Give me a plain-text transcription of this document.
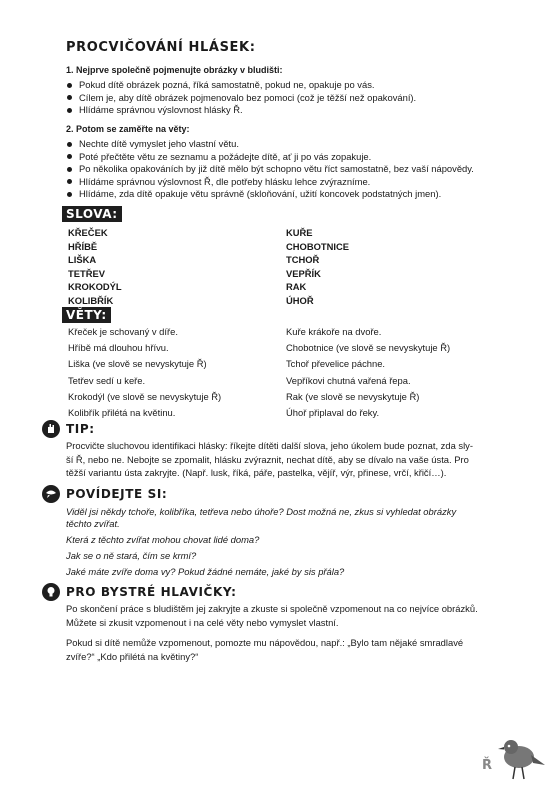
PROCVIČOVÁNÍ HLÁSEK:
1. Nejprve společně pojmenujte obrázky v bludišti:
Pokud dítě obrázek pozná, říká samostatně, pokud ne, opakuje po vás.
Cílem je, aby dítě obrázek pojmenovalo bez pomoci (což je těžší než opakování).
Hlídáme správnou výslovnost hlásky Ř.
2. Potom se zaměřte na věty:
Nechte dítě vymyslet jeho vlastní větu.
Poté přečtěte větu ze seznamu a požádejte dítě, ať ji po vás zopakuje.
Po několika opakováních by již dítě mělo být schopno větu říct samostatně, bez vaší nápovědy.
Hlídáme správnou výslovnost Ř, dle potřeby hlásku lehce zvýrazníme.
Hlídáme, zda dítě opakuje větu správně (skloňování, užití koncovek podstatných jmen).
SLOVA:
KŘEČEK
HŘÍBĚ
LIŠKA
TETŘEV
KROKODÝL
KOLIBŘÍK
KUŘE
CHOBOTNICE
TCHOŘ
VEPŘÍK
RAK
ÚHOŘ
VĚTY:
Křeček je schovaný v díře.
Hříbě má dlouhou hřívu.
Liška (ve slově se nevyskytuje Ř)
Tetřev sedí u keře.
Krokodýl (ve slově se nevyskytuje Ř)
Kolibřík přilétá na květinu.
Kuře krákoře na dvoře.
Chobotnice (ve slově se nevyskytuje Ř)
Tchoř převelice páchne.
Vepříkovi chutná vařená řepa.
Rak (ve slově se nevyskytuje Ř)
Úhoř připlaval do řeky.
TIP:
Procvičte sluchovou identifikaci hlásky: říkejte dítěti další slova, jeho úkolem bude poznat, zda sly-
ší Ř, nebo ne. Nebojte se zpomalit, hlásku zvýraznit, nechat dítě, aby se dívalo na vaše ústa. Pro
těžší variantu ústa zakryjte. (Např. lusk, říká, páře, pastelka, vějíř, výr, přinese, vrčí, křičí…).
POVÍDEJTE SI:
Viděl jsi někdy tchoře, kolibříka, tetřeva nebo úhoře? Dost možná ne, zkus si vyhledat obrázky
těchto zvířat.
Která z těchto zvířat mohou chovat lidé doma?
Jak se o ně stará, čím se krmí?
Jaké máte zvíře doma vy? Pokud žádné nemáte, jaké by sis přála?
PRO BYSTRÉ HLAVIČKY:
Po skončení práce s bludištěm jej zakryjte a zkuste si společně vzpomenout na co nejvíce obrázků.
Můžete si zkusit vzpomenout i na celé věty nebo vymyslet vlastní.
Pokud si dítě nemůže vzpomenout, pomozte mu nápovědou, např.: „Bylo tam nějaké smradlavé
zvíře?“ „Kdo přilétá na květiny?“
Ř
